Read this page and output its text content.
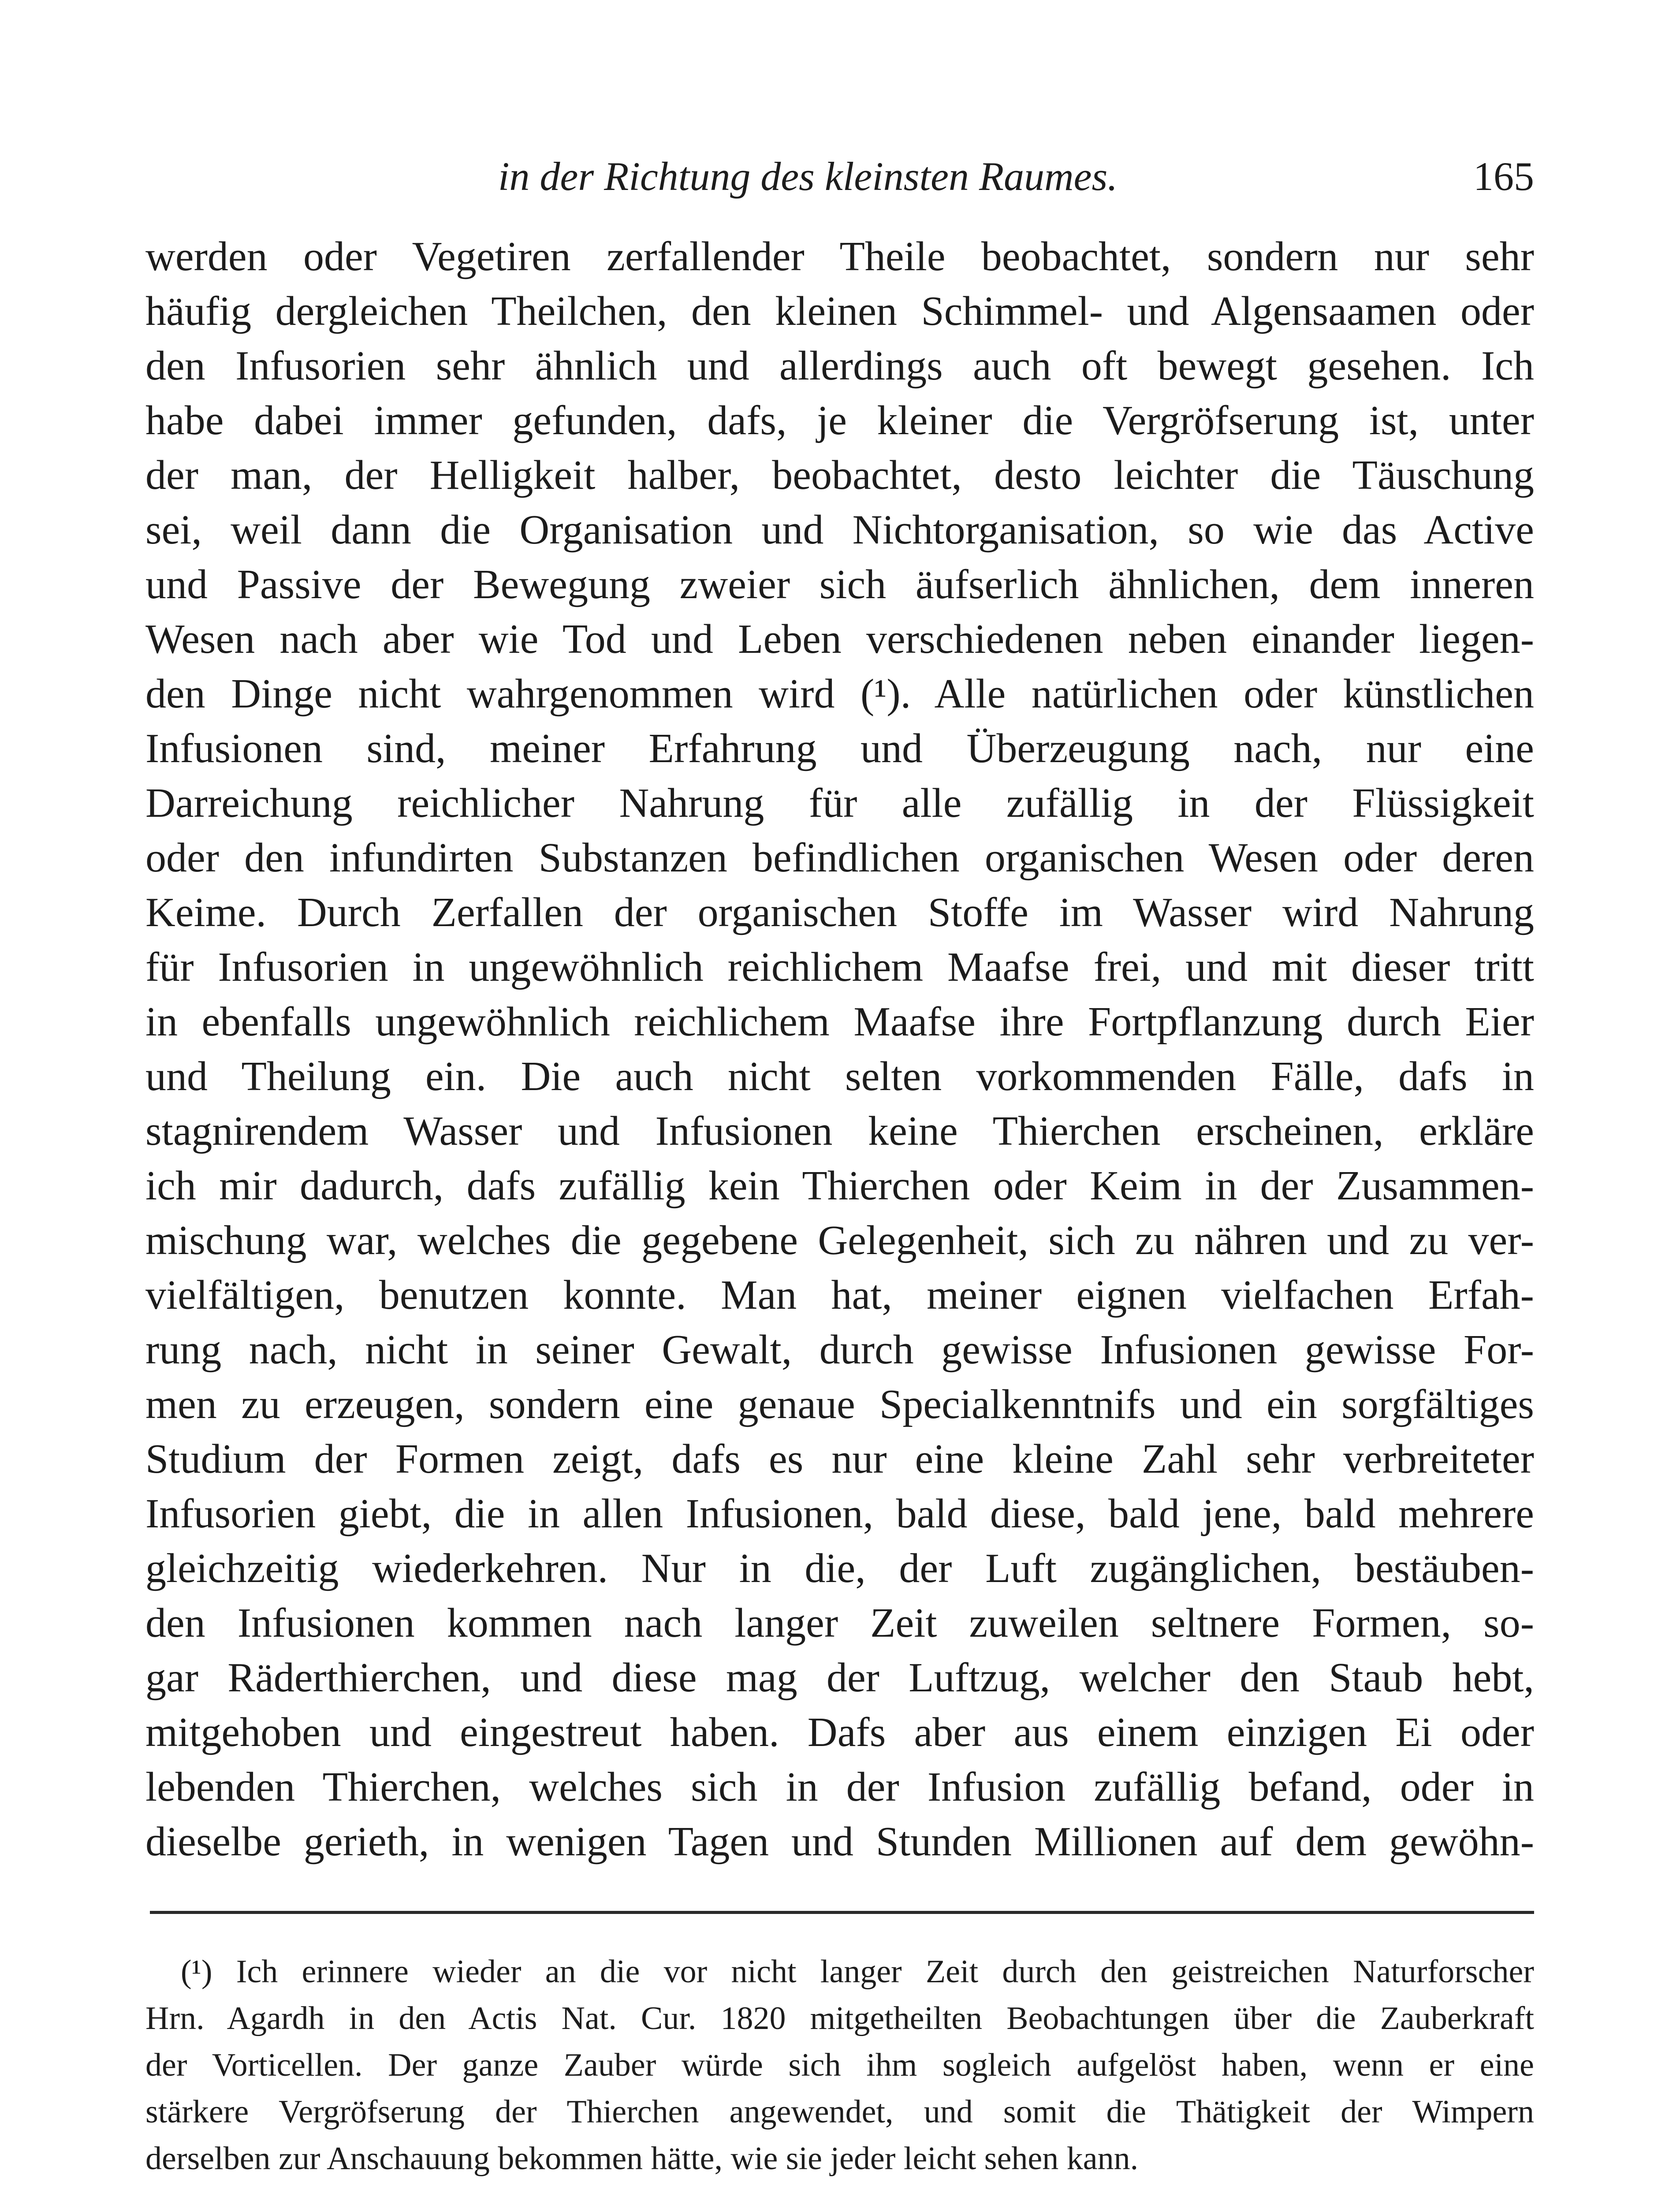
in der Richtung des kleinsten Raumes.	165
werden oder Vegetiren zerfallender Theile beobachtet, sondern nur sehr
häufig dergleichen Theilchen, den kleinen Schimmel- und Algensaamen oder
den Infusorien sehr ähnlich und allerdings auch oft bewegt gesehen. Ich
habe dabei immer gefunden, dafs, je kleiner die Vergröfserung ist, unter
der man, der Helligkeit halber, beobachtet, desto leichter die Täuschung
sei, weil dann die Organisation und Nichtorganisation, so wie das Active
und Passive der Bewegung zweier sich äufserlich ähnlichen, dem inneren
Wesen nach aber wie Tod und Leben verschiedenen neben einander liegen-
den Dinge nicht wahrgenommen wird (¹). Alle natürlichen oder künstlichen
Infusionen sind, meiner Erfahrung und Überzeugung nach, nur eine
Darreichung reichlicher Nahrung für alle zufällig in der Flüssigkeit
oder den infundirten Substanzen befindlichen organischen Wesen oder deren
Keime. Durch Zerfallen der organischen Stoffe im Wasser wird Nahrung
für Infusorien in ungewöhnlich reichlichem Maafse frei, und mit dieser tritt
in ebenfalls ungewöhnlich reichlichem Maafse ihre Fortpflanzung durch Eier
und Theilung ein. Die auch nicht selten vorkommenden Fälle, dafs in
stagnirendem Wasser und Infusionen keine Thierchen erscheinen, erkläre
ich mir dadurch, dafs zufällig kein Thierchen oder Keim in der Zusammen-
mischung war, welches die gegebene Gelegenheit, sich zu nähren und zu ver-
vielfältigen, benutzen konnte. Man hat, meiner eignen vielfachen Erfah-
rung nach, nicht in seiner Gewalt, durch gewisse Infusionen gewisse For-
men zu erzeugen, sondern eine genaue Specialkenntnifs und ein sorgfältiges
Studium der Formen zeigt, dafs es nur eine kleine Zahl sehr verbreiteter
Infusorien giebt, die in allen Infusionen, bald diese, bald jene, bald mehrere
gleichzeitig wiederkehren. Nur in die, der Luft zugänglichen, bestäuben-
den Infusionen kommen nach langer Zeit zuweilen seltnere Formen, so-
gar Räderthierchen, und diese mag der Luftzug, welcher den Staub hebt,
mitgehoben und eingestreut haben. Dafs aber aus einem einzigen Ei oder
lebenden Thierchen, welches sich in der Infusion zufällig befand, oder in
dieselbe gerieth, in wenigen Tagen und Stunden Millionen auf dem gewöhn-
(¹) Ich erinnere wieder an die vor nicht langer Zeit durch den geistreichen Naturforscher
Hrn. Agardh in den Actis Nat. Cur. 1820 mitgetheilten Beobachtungen über die Zauberkraft
der Vorticellen. Der ganze Zauber würde sich ihm sogleich aufgelöst haben, wenn er eine
stärkere Vergröfserung der Thierchen angewendet, und somit die Thätigkeit der Wimpern
derselben zur Anschauung bekommen hätte, wie sie jeder leicht sehen kann.
